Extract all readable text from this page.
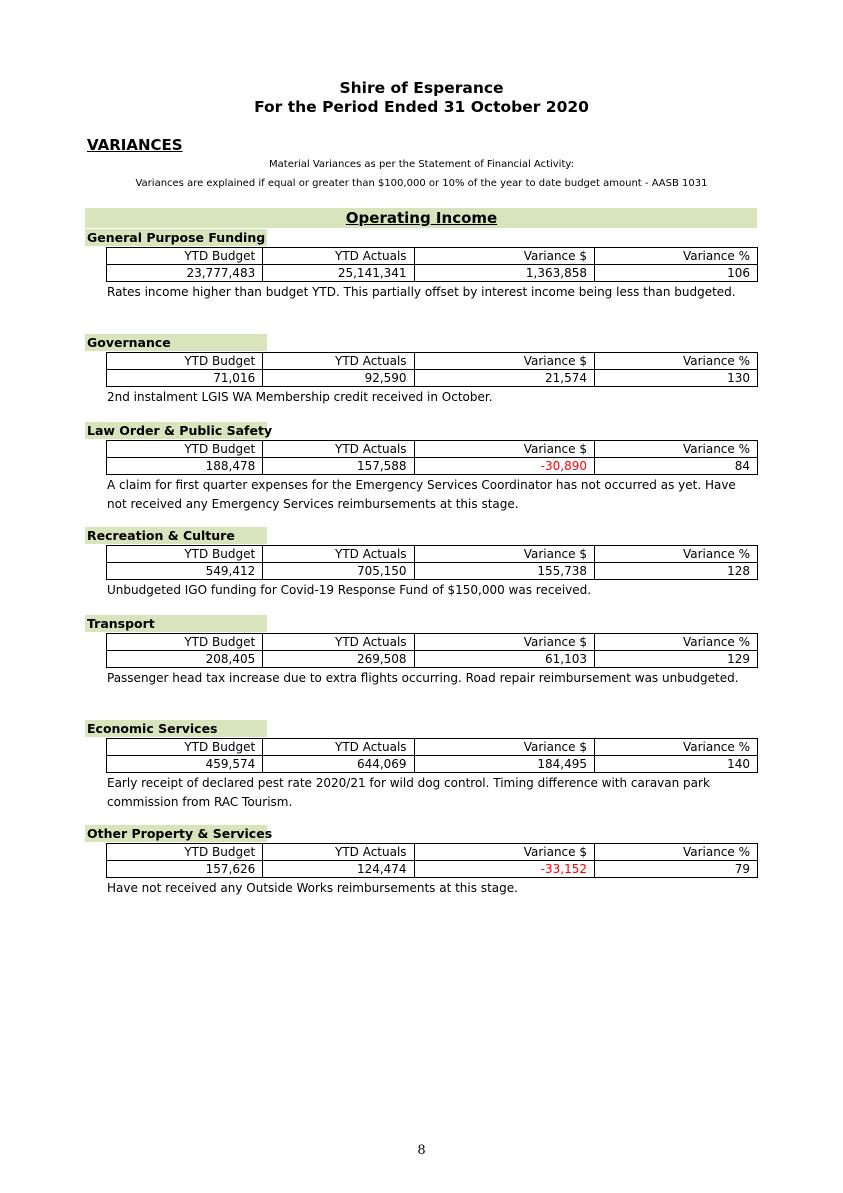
Shire of Esperance
For the Period Ended 31 October 2020
VARIANCES
Material Variances as per the Statement of Financial Activity:
Variances are explained if equal or greater than $100,000 or 10% of the year to date budget amount - AASB 1031
Operating Income
General Purpose Funding
YTD Budget	YTD Actuals	Variance $	Variance %
23,777,483	25,141,341	1,363,858	106
Rates income higher than budget YTD. This partially offset by interest income being less than budgeted.
Governance
YTD Budget	YTD Actuals	Variance $	Variance %
71,016	92,590	21,574	130
2nd instalment LGIS WA Membership credit received in October.
Law Order & Public Safety
YTD Budget	YTD Actuals	Variance $	Variance %
188,478	157,588	-30,890	84
A claim for first quarter expenses for the Emergency Services Coordinator has not occurred as yet. Have not received any Emergency Services reimbursements at this stage.
Recreation & Culture
YTD Budget	YTD Actuals	Variance $	Variance %
549,412	705,150	155,738	128
Unbudgeted IGO funding for Covid-19 Response Fund of $150,000 was received.
Transport
YTD Budget	YTD Actuals	Variance $	Variance %
208,405	269,508	61,103	129
Passenger head tax increase due to extra flights occurring. Road repair reimbursement was unbudgeted.
Economic Services
YTD Budget	YTD Actuals	Variance $	Variance %
459,574	644,069	184,495	140
Early receipt of declared pest rate 2020/21 for wild dog control. Timing difference with caravan park commission from RAC Tourism.
Other Property & Services
YTD Budget	YTD Actuals	Variance $	Variance %
157,626	124,474	-33,152	79
Have not received any Outside Works reimbursements at this stage.
8
